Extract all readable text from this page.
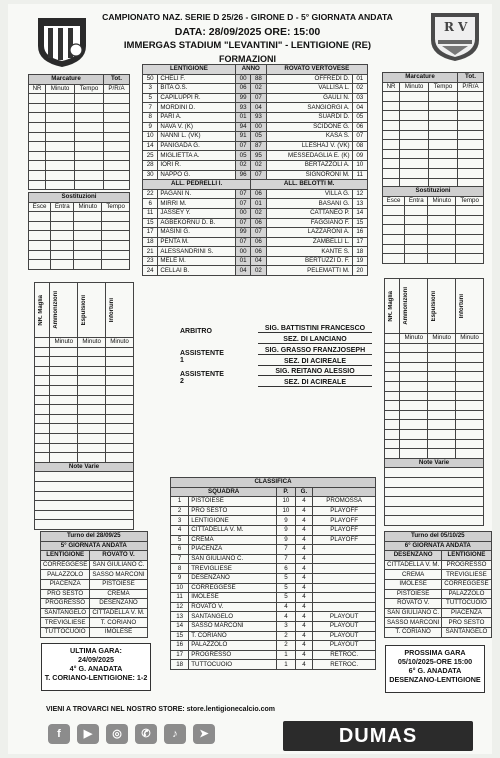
R V
CAMPIONATO NAZ. SERIE D 25/26 - GIRONE D - 5° GIORNATA ANDATA
DATA: 28/09/2025 ORE: 15:00
IMMERGAS STADIUM "LEVANTINI" - LENTIGIONE (RE)
FORMAZIONI
Marcature			Tot.
NR	Minuto	Tempo	P/R/A

Marcature			Tot.
NR	Minuto	Tempo	P/R/A

Sostituzioni			
Esce	Entra	Minuto	Tempo

Sostituzioni			
Esce	Entra	Minuto	Tempo

NR. Maglia	Ammonizioni	Espulsioni	Infortuni

	Minuto	Minuto	Minuto

Note Varie			

NR. Maglia	Ammonizioni	Espulsioni	Infortuni

	Minuto	Minuto	Minuto

Note Varie			

LENTIGIONE		ANNO		ROVATO VERTOVESE	
50	CHELI F.	00	88	OFFREDI D.	01
3	BITA O.S.	06	02	VALLISA L.	02
5	CAPILUPPI R.	99	07	GAULI N.	03
7	MORDINI D.	93	04	SANGIORGI A.	04
8	PARI A.	01	93	SUARDI D.	05
9	NAVA V. (K)	94	00	SCIDONE G.	06
10	NANNI L. (VK)	91	05	KASA S.	07
14	PANIGADA G.	07	87	LLESHAJ V. (VK)	08
25	MIGLIETTA A.	05	95	MESSEDAGLIA E. (K)	09
28	IORI R.	02	02	BERTAZZOLI A.	10
30	NAPPO G.	96	07	SIGNORONI M.	11
ALL. PEDRELLI I.			ALL. BELOTTI M.		
22	PAGANI N.	07	06	VILLA G.	12
6	MIRRI M.	07	01	BASANI G.	13
11	JASSEY Y.	00	02	CATTANEO P.	14
15	AGBEKORNU D. B.	07	06	FAGGIANO F.	15
17	MASINI G.	99	07	LAZZARONI A.	16
18	PENTA M.	07	06	ZAMBELLI L.	17
21	ALESSANDRINI S.	00	06	KANTE S.	18
23	MELE M.	01	04	BERTUZZI D. F.	19
24	CELLAI B.	04	02	PELEMATTI M.	20
ARBITRO	SIG. BATTISTINI FRANCESCO
SEZ. DI LANCIANO
ASSISTENTE 1
SIG. GRASSO FRANZJOSEPH
SEZ. DI ACIREALE
ASSISTENTE 2
SIG. REITANO ALESSIO
SEZ. DI ACIREALE
CLASSIFICA				
SQUADRA		P.	G.	
1	PISTOIESE	10	4	PROMOSSA
2	PRO SESTO	10	4	PLAYOFF
3	LENTIGIONE	9	4	PLAYOFF
4	CITTADELLA V. M.	9	4	PLAYOFF
5	CREMA	9	4	PLAYOFF
6	PIACENZA	7	4	
7	SAN GIULIANO C.	7	4	
8	TREVIGLIESE	6	4	
9	DESENZANO	5	4	
10	CORREGGESE	5	4	
11	IMOLESE	5	4	
12	ROVATO V.	4	4	
13	SANTANGELO	4	4	PLAYOUT
14	SASSO MARCONI	3	4	PLAYOUT
15	T. CORIANO	2	4	PLAYOUT
16	PALAZZOLO	2	4	PLAYOUT
17	PROGRESSO	1	4	RETROC.
18	TUTTOCUOIO	1	4	RETROC.
Turno del 28/09/25	
5° GIORNATA ANDATA	
LENTIGIONE	ROVATO V.
CORREGGESE	SAN GIULIANO C.
PALAZZOLO	SASSO MARCONI
PIACENZA	PISTOIESE
PRO SESTO	CREMA
PROGRESSO	DESENZANO
SANTANGELO	CITTADELLA V. M.
TREVIGLIESE	T. CORIANO
TUTTOCUOIO	IMOLESE
Turno del 05/10/25	
6° GIORNATA ANDATA	
DESENZANO	LENTIGIONE
CITTADELLA V. M.	PROGRESSO
CREMA	TREVIGLIESE
IMOLESE	CORREGGESE
PISTOIESE	PALAZZOLO
ROVATO V.	TUTTOCUOIO
SAN GIULIANO C.	PIACENZA
SASSO MARCONI	PRO SESTO
T. CORIANO	SANTANGELO
ULTIMA GARA:
24/09/2025
4° G. ANADATA
T. CORIANO-LENTIGIONE: 1-2
PROSSIMA GARA
05/10/2025-ORE 15:00
6° G. ANADATA
DESENZANO-LENTIGIONE
VIENI A TROVARCI NEL NOSTRO STORE: store.lentigionecalcio.com
f	▶	◎	✆	♪	➤	DUMAS
